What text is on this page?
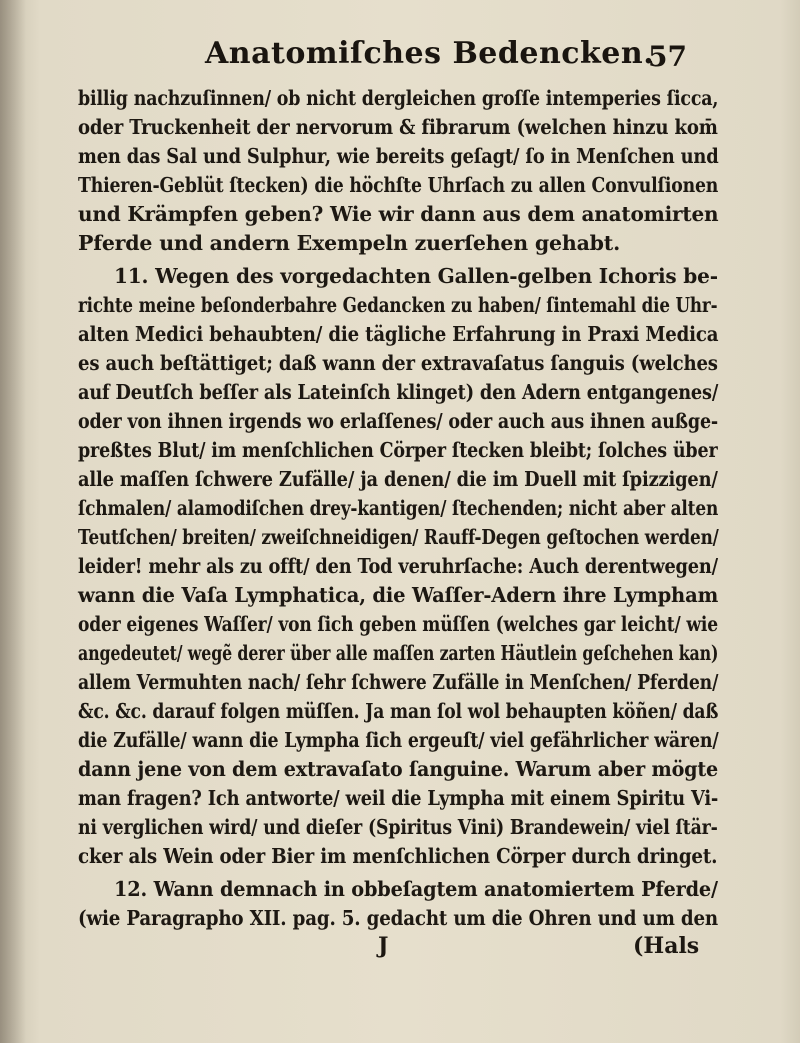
Anatomiſches Bedencken.
57
billig nachzuſinnen/ ob nicht dergleichen groſſe intemperies ſicca,
oder Truckenheit der nervorum & fibrarum (welchen hinzu kom̄
men das Sal und Sulphur, wie bereits geſagt/ ſo in Menſchen und
Thieren-Geblüt ſtecken) die höchſte Uhrſach zu allen Convulſionen
und Krämpfen geben? Wie wir dann aus dem anatomirten
Pferde und andern Exempeln zuerſehen gehabt.
11. Wegen des vorgedachten Gallen-gelben Ichoris be-
richte meine beſonderbahre Gedancken zu haben/ ſintemahl die Uhr-
alten Medici behaubten/ die tägliche Erfahrung in Praxi Medica
es auch beſtättiget; daß wann der extravaſatus ſanguis (welches
auf Deutſch beſſer als Lateinſch klinget) den Adern entgangenes/
oder von ihnen irgends wo erlaſſenes/ oder auch aus ihnen außge-
preßtes Blut/ im menſchlichen Cörper ſtecken bleibt; ſolches über
alle maſſen ſchwere Zufälle/ ja denen/ die im Duell mit ſpizzigen/
ſchmalen/ alamodiſchen drey-kantigen/ ſtechenden; nicht aber alten
Teutſchen/ breiten/ zweiſchneidigen/ Rauff-Degen geſtochen werden/
leider! mehr als zu offt/ den Tod veruhrſache: Auch derentwegen/
wann die Vaſa Lymphatica, die Waſſer-Adern ihre Lympham
oder eigenes Waſſer/ von ſich geben müſſen (welches gar leicht/ wie
angedeutet/ wegẽ derer über alle maſſen zarten Häutlein geſchehen kan)
allem Vermuhten nach/ ſehr ſchwere Zufälle in Menſchen/ Pferden/
&c. &c. darauf folgen müſſen. Ja man ſol wol behaupten köñen/ daß
die Zufälle/ wann die Lympha ſich ergeuſt/ viel gefährlicher wären/
dann jene von dem extravaſato ſanguine. Warum aber mögte
man fragen? Ich antworte/ weil die Lympha mit einem Spiritu Vi-
ni verglichen wird/ und dieſer (Spiritus Vini) Brandewein/ viel ſtär-
cker als Wein oder Bier im menſchlichen Cörper durch dringet.
12. Wann demnach in obbeſagtem anatomiertem Pferde/
(wie Paragrapho XII. pag. 5. gedacht um die Ohren und um den
J	(Hals
